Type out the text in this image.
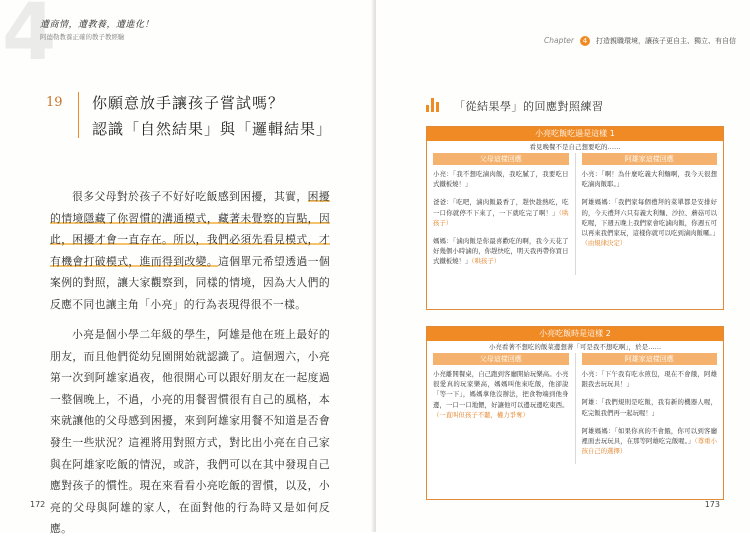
4
遭商情，遭教養，遭進化！
阿德勒教養正確的教子教經驗
19 你願意放手讓孩子嘗試嗎？
認識「自然結果」與「邏輯結果」
很多父母對於孩子不好好吃飯感到困擾，其實，困擾的情境隱藏了你習慣的溝通模式，藏著未覺察的盲點，因此，困擾才會一直存在。所以，我們必須先看見模式，才有機會打破模式，進而得到改變。這個單元希望透過一個案例的對照，讓大家觀察到，同樣的情境，因為大人們的反應不同也讓主角「小亮」的行為表現得很不一樣。
小亮是個小學二年級的學生，阿雄是他在班上最好的朋友，而且他們從幼兒園開始就認識了。這個週六，小亮第一次到阿雄家過夜，他很開心可以跟好朋友在一起度過一整個晚上，不過，小亮的用餐習慣很有自己的風格，本來就讓他的父母感到困擾，來到阿雄家用餐不知道是否會發生一些狀況？這裡將用對照方式，對比出小亮在自己家與在阿雄家吃飯的情況，或許，我們可以在其中發現自己應對孩子的慣性。現在來看看小亮吃飯的習慣，以及，小亮的父母與阿雄的家人，在面對他的行為時又是如何反應。
172
Chapter 4 打造親職環境，讓孩子更自主、獨立、有自信
「從結果學」的回應對照練習
小亮吃飯吃過是這樣 1
看見晚餐不是自己想要吃的……
父母這樣回應

小亮：「我不想吃滷肉飯，我吃膩了，我要吃日式鐵板燒！」

爸爸：「吃吧，滷肉飯最香了，趕快趁熱吃，吃一口你就停不下來了，一下就吃完了啊！」（哄孩子）

媽媽：「滷肉飯是你最喜歡吃的啊，我今天花了好幾個小時滷的，你趕快吃，明天我再帶你買日式鐵板燒！」（哄孩子）

阿雄家這樣回應

小亮：「啊！為什麼吃義大利麵啊，我今天很想吃滷肉飯耶。」

阿雄媽媽：「我們家每個禮拜的菜單都是安排好的，今天禮拜六只有義大利麵、沙拉、蘑菇可以吃喔，下週五晚上我們家會吃滷肉飯，你週五可以再來我們家玩，這樣你就可以吃到滷肉飯囉。」（由規律決定）

小亮吃飯時是這樣 2
小亮看著不想吃的飯菜邊想著「可是我不想吃啊」，於是……
父母這樣回應

小亮離開餐桌，自己跑到客廳開始玩樂高。小亮很愛真的玩家樂高，媽媽叫他來吃飯，他卻說「等一下」，媽媽拿他沒辦法，把食物端到他身邊，一口一口地餵，好讓他可以邊玩邊吃東西。（一直叫但孩子不聽，權力爭奪）

阿雄家這樣回應

小亮：「下午我有吃水煎包，現在不會餓，阿雄跟我去玩玩具！」

阿雄：「我們規則是吃飯，我有新的機器人喔，吃完飯我們再一起玩喔！」

阿雄媽媽：「如果你真的不會餓，你可以到客廳裡面去玩玩具，在那等阿雄吃完飯喔。」（尊重小孩自己的選擇）

173
